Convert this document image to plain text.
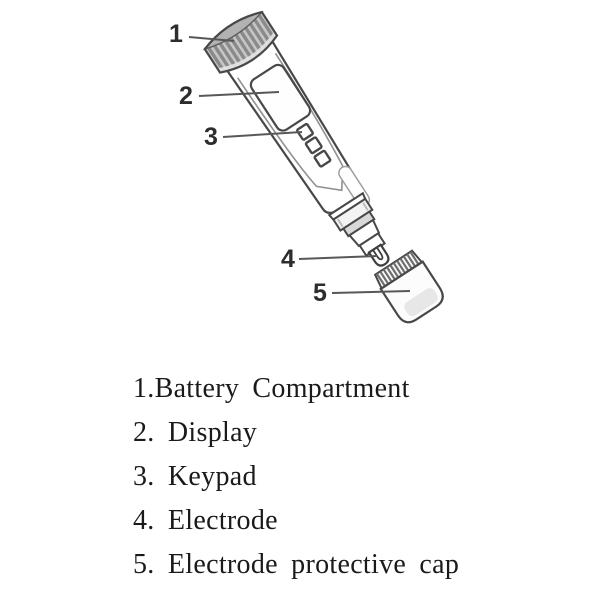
1
2
3
4
5
1.Battery Compartment
2. Display
3. Keypad
4. Electrode
5. Electrode protective cap
